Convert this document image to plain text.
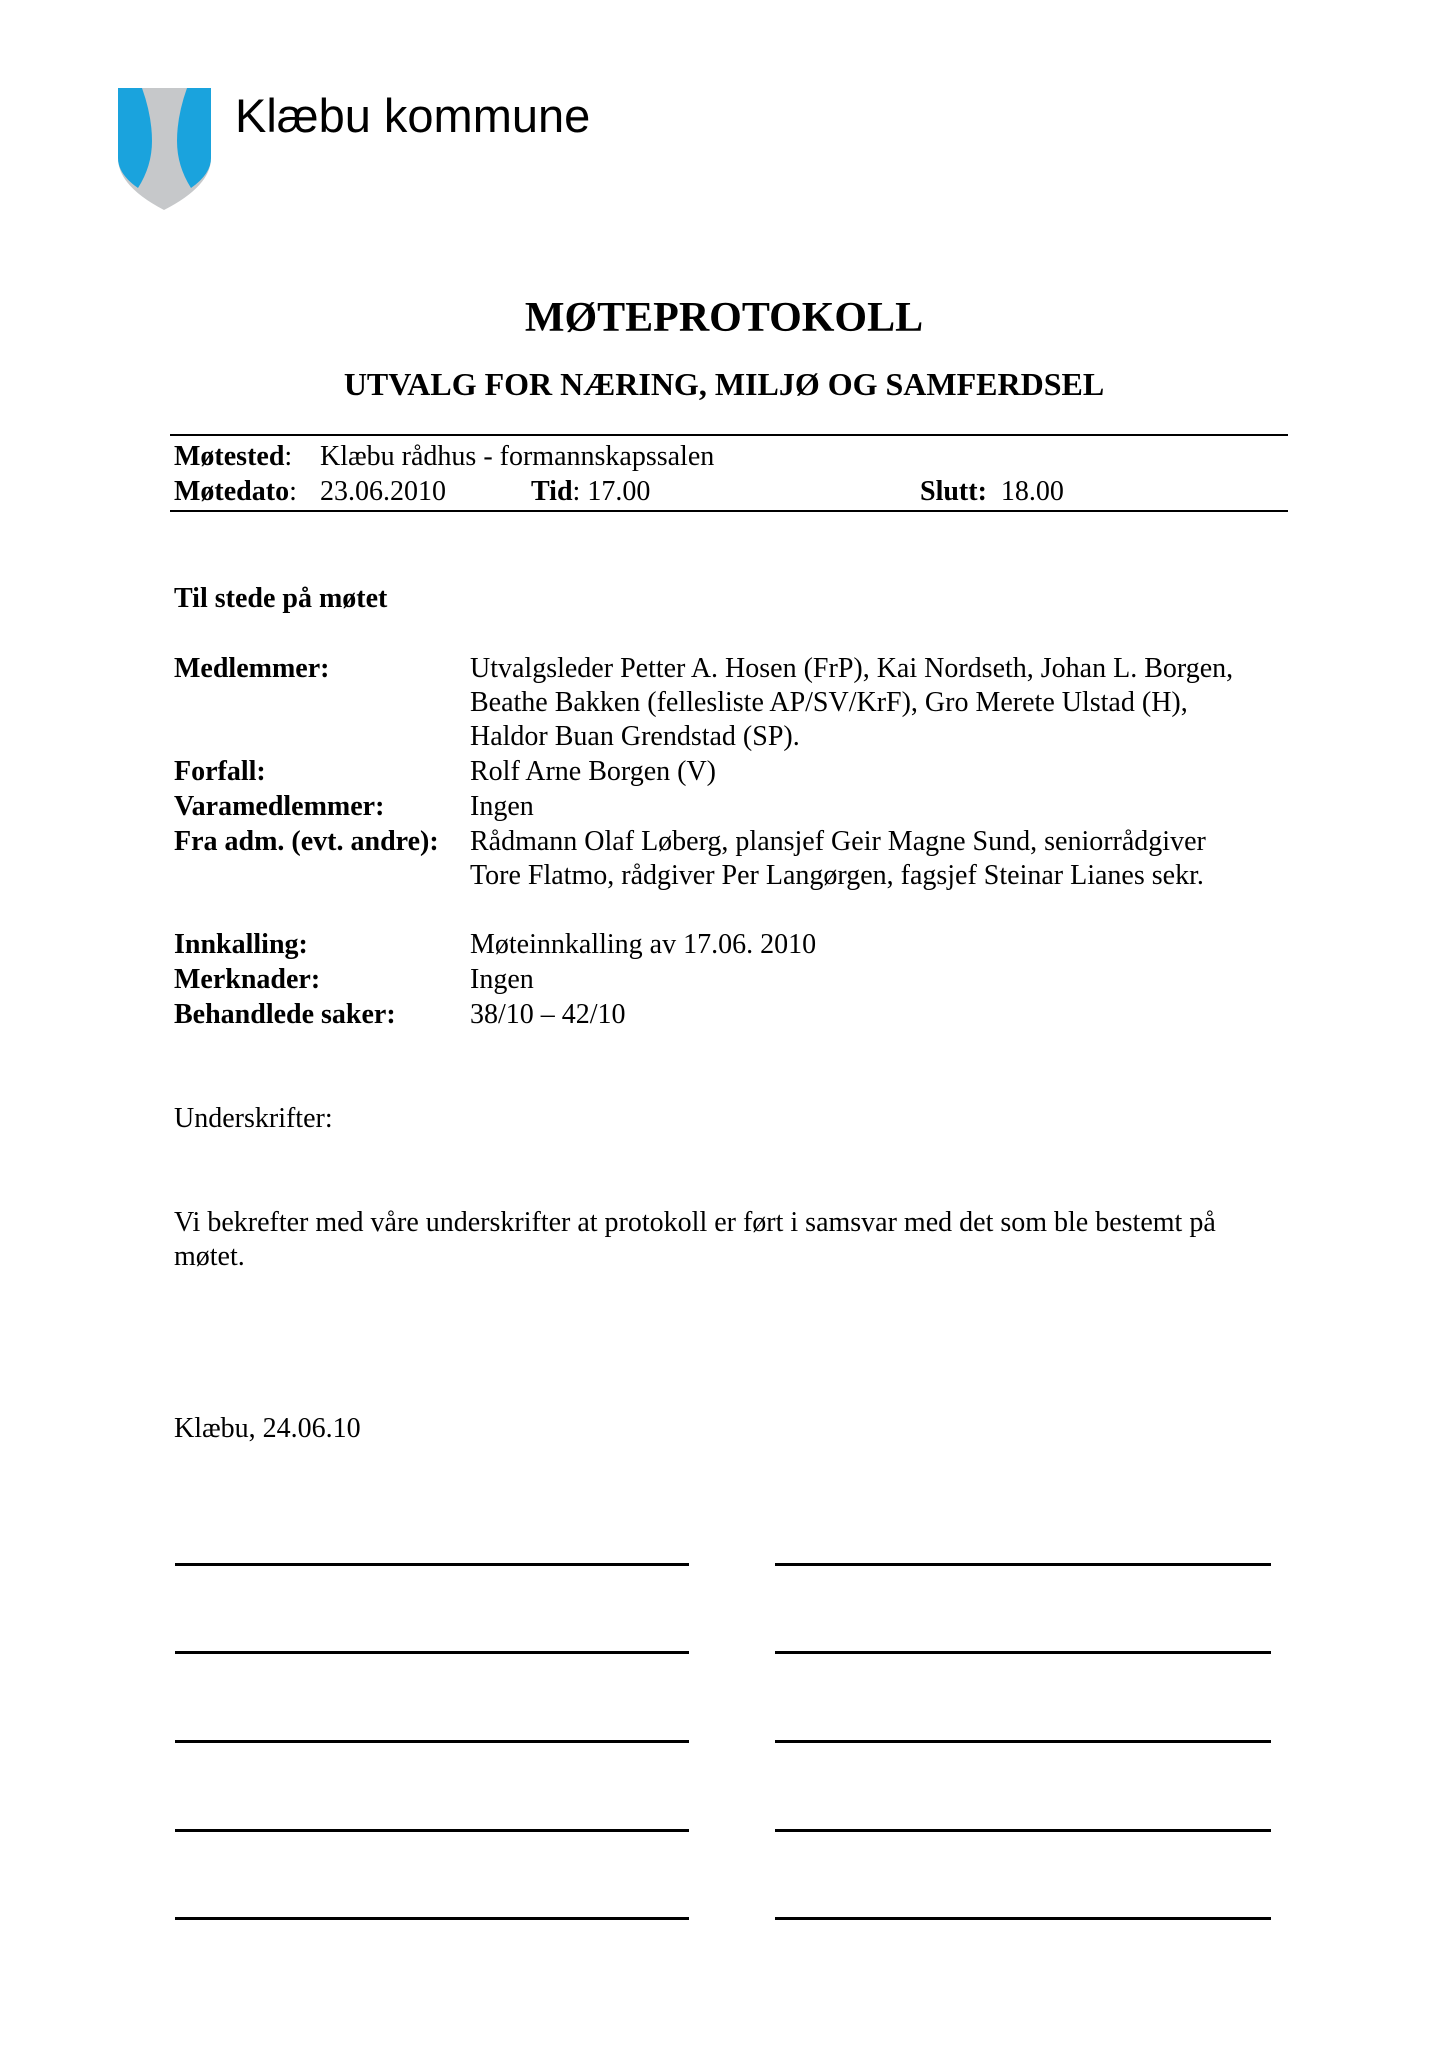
Klæbu kommune
MØTEPROTOKOLL
UTVALG FOR NÆRING, MILJØ OG SAMFERDSEL
Møtested: Klæbu rådhus - formannskapssalen
Møtedato: 23.06.2010	Tid: 17.00	Slutt: 18.00
Til stede på møtet
Medlemmer:	Utvalgsleder Petter A. Hosen (FrP), Kai Nordseth, Johan L. Borgen,
Beathe Bakken (fellesliste AP/SV/KrF), Gro Merete Ulstad (H),
Haldor Buan Grendstad (SP).
Forfall:	Rolf Arne Borgen (V)
Varamedlemmer:	Ingen
Fra adm. (evt. andre): Rådmann Olaf Løberg, plansjef Geir Magne Sund, seniorrådgiver
Tore Flatmo, rådgiver Per Langørgen, fagsjef Steinar Lianes sekr.
Innkalling:	Møteinnkalling av 17.06. 2010
Merknader:	Ingen
Behandlede saker:	38/10 – 42/10
Underskrifter:
Vi bekrefter med våre underskrifter at protokoll er ført i samsvar med det som ble bestemt på
møtet.
Klæbu, 24.06.10
